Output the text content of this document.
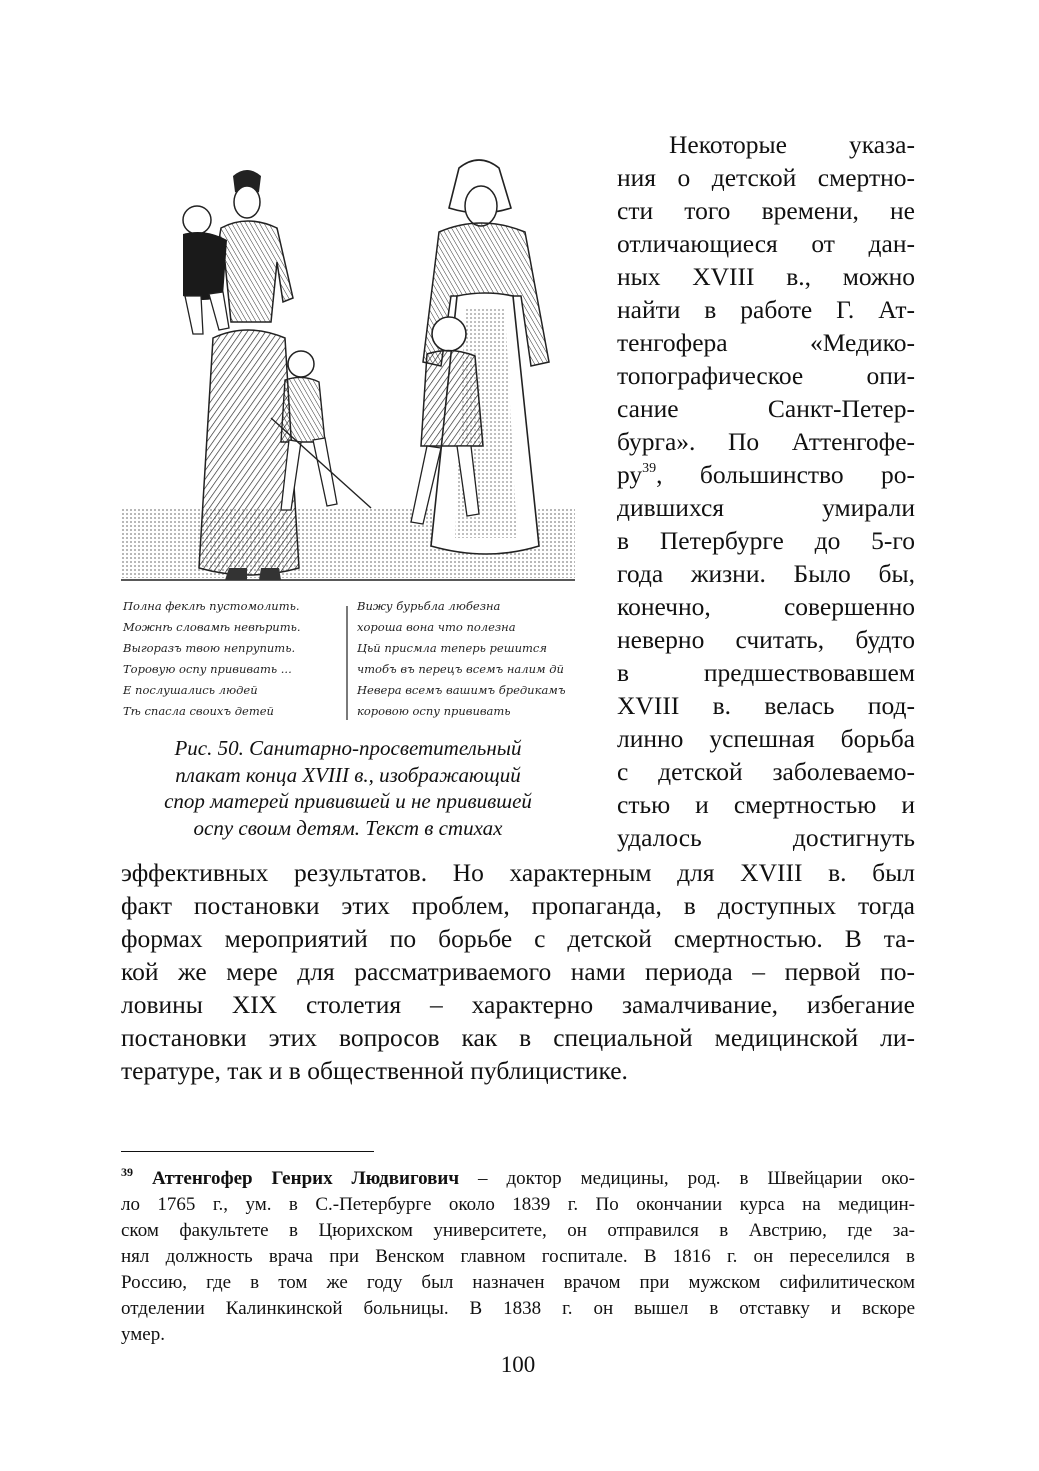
Полна феклѣ пустомолить.
Можнѣ словамѣ невѣрить.
Выгоразъ твою непрупить.
Торовую оспу прививать ...
Е послушались людей
Тѣ спасла своихъ детей
Вижу бурьбла любезна
хороша вона что полезна
Цьй присмла теперь решится
чтобъ въ перецъ всемъ налим дй
Невера всемъ вашимъ бредикамъ
коровою оспу прививать
Рис. 50. Санитарно-просветительный
плакат конца XVIII в., изображающий
спор матерей привившей и не привившей
оспу своим детям. Текст в стихах
Некоторые указа-
ния о детской смертно-
сти того времени, не
отличающиеся от дан-
ных XVIII в., можно
найти в работе Г. Ат-
тенгофера «Медико-
топографическое опи-
сание Санкт-Петер-
бурга». По Аттенгофе-
$ру^{39}$, большинство ро-
дившихся умирали
в Петербурге до 5-го
года жизни. Было бы,
конечно, совершенно
неверно считать, будто
в предшествовавшем
XVIII в. велась под-
линно успешная борьба
с детской заболеваемо-
стью и смертностью и
удалось достигнуть
эффективных результатов. Но характерным для XVIII в. был
факт постановки этих проблем, пропаганда, в доступных тогда
формах мероприятий по борьбе с детской смертностью. В та-
кой же мере для рассматриваемого нами периода – первой по-
ловины XIX столетия – характерно замалчивание, избегание
постановки этих вопросов как в специальной медицинской ли-
тературе, так и в общественной публицистике.
$^{39}$ Аттенгофер Генрих Людвигович – доктор медицины, род. в Швейцарии око-
ло 1765 г., ум. в С.-Петербурге около 1839 г. По окончании курса на медицин-
ском факультете в Цюрихском университете, он отправился в Австрию, где за-
нял должность врача при Венском главном госпитале. В 1816 г. он переселился в
Россию, где в том же году был назначен врачом при мужском сифилитическом
отделении Калинкинской больницы. В 1838 г. он вышел в отставку и вскоре
умер.
100
